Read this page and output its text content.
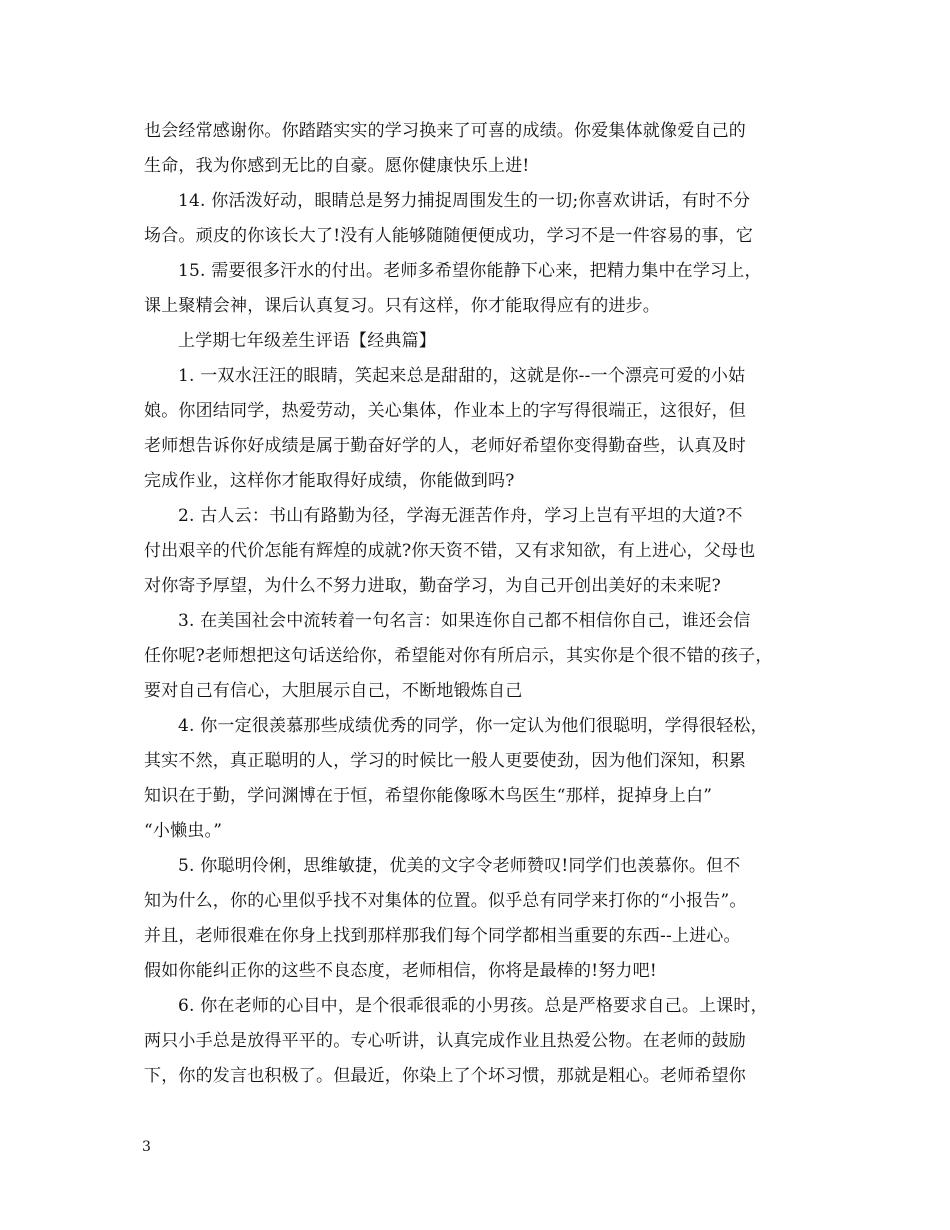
也会经常感谢你。你踏踏实实的学习换来了可喜的成绩。你爱集体就像爱自己的
生命，我为你感到无比的自豪。愿你健康快乐上进!
14. 你活泼好动，眼睛总是努力捕捉周围发生的一切;你喜欢讲话，有时不分
场合。顽皮的你该长大了!没有人能够随随便便成功，学习不是一件容易的事，它
15. 需要很多汗水的付出。老师多希望你能静下心来，把精力集中在学习上，
课上聚精会神，课后认真复习。只有这样，你才能取得应有的进步。
上学期七年级差生评语【经典篇】
1. 一双水汪汪的眼睛，笑起来总是甜甜的，这就是你--一个漂亮可爱的小姑
娘。你团结同学，热爱劳动，关心集体，作业本上的字写得很端正，这很好，但
老师想告诉你好成绩是属于勤奋好学的人，老师好希望你变得勤奋些，认真及时
完成作业，这样你才能取得好成绩，你能做到吗?
2. 古人云：书山有路勤为径，学海无涯苦作舟，学习上岂有平坦的大道?不
付出艰辛的代价怎能有辉煌的成就?你天资不错，又有求知欲，有上进心，父母也
对你寄予厚望，为什么不努力进取，勤奋学习，为自己开创出美好的未来呢?
3. 在美国社会中流转着一句名言：如果连你自己都不相信你自己，谁还会信
任你呢?老师想把这句话送给你，希望能对你有所启示，其实你是个很不错的孩子，
要对自己有信心，大胆展示自己，不断地锻炼自己
4. 你一定很羡慕那些成绩优秀的同学，你一定认为他们很聪明，学得很轻松，
其实不然，真正聪明的人，学习的时候比一般人更要使劲，因为他们深知，积累
知识在于勤，学问渊博在于恒，希望你能像啄木鸟医生“那样，捉掉身上白”
“小懒虫。”
5. 你聪明伶俐，思维敏捷，优美的文字令老师赞叹!同学们也羡慕你。但不
知为什么，你的心里似乎找不对集体的位置。似乎总有同学来打你的“小报告”。
并且，老师很难在你身上找到那样那我们每个同学都相当重要的东西--上进心。
假如你能纠正你的这些不良态度，老师相信，你将是最棒的!努力吧!
6. 你在老师的心目中，是个很乖很乖的小男孩。总是严格要求自己。上课时，
两只小手总是放得平平的。专心听讲，认真完成作业且热爱公物。在老师的鼓励
下，你的发言也积极了。但最近，你染上了个坏习惯，那就是粗心。老师希望你
3
